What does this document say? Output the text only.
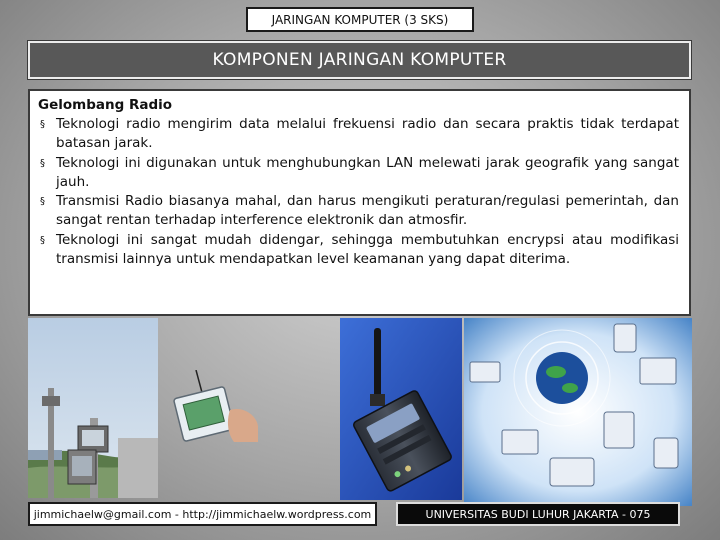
JARINGAN KOMPUTER (3 SKS)
KOMPONEN JARINGAN KOMPUTER
Gelombang Radio
§ Teknologi radio mengirim data melalui frekuensi radio dan secara praktis tidak terdapat batasan jarak.
§ Teknologi ini digunakan untuk menghubungkan LAN melewati jarak geografik yang sangat jauh.
§ Transmisi Radio biasanya mahal, dan harus mengikuti peraturan/regulasi pemerintah, dan sangat rentan terhadap interference elektronik dan atmosfir.
§ Teknologi ini sangat mudah didengar, sehingga membutuhkan encrypsi atau modifikasi transmisi lainnya untuk mendapatkan level keamanan yang dapat diterima.
jimmichaelw@gmail.com - http://jimmichaelw.wordpress.com	UNIVERSITAS BUDI LUHUR JAKARTA - 075
